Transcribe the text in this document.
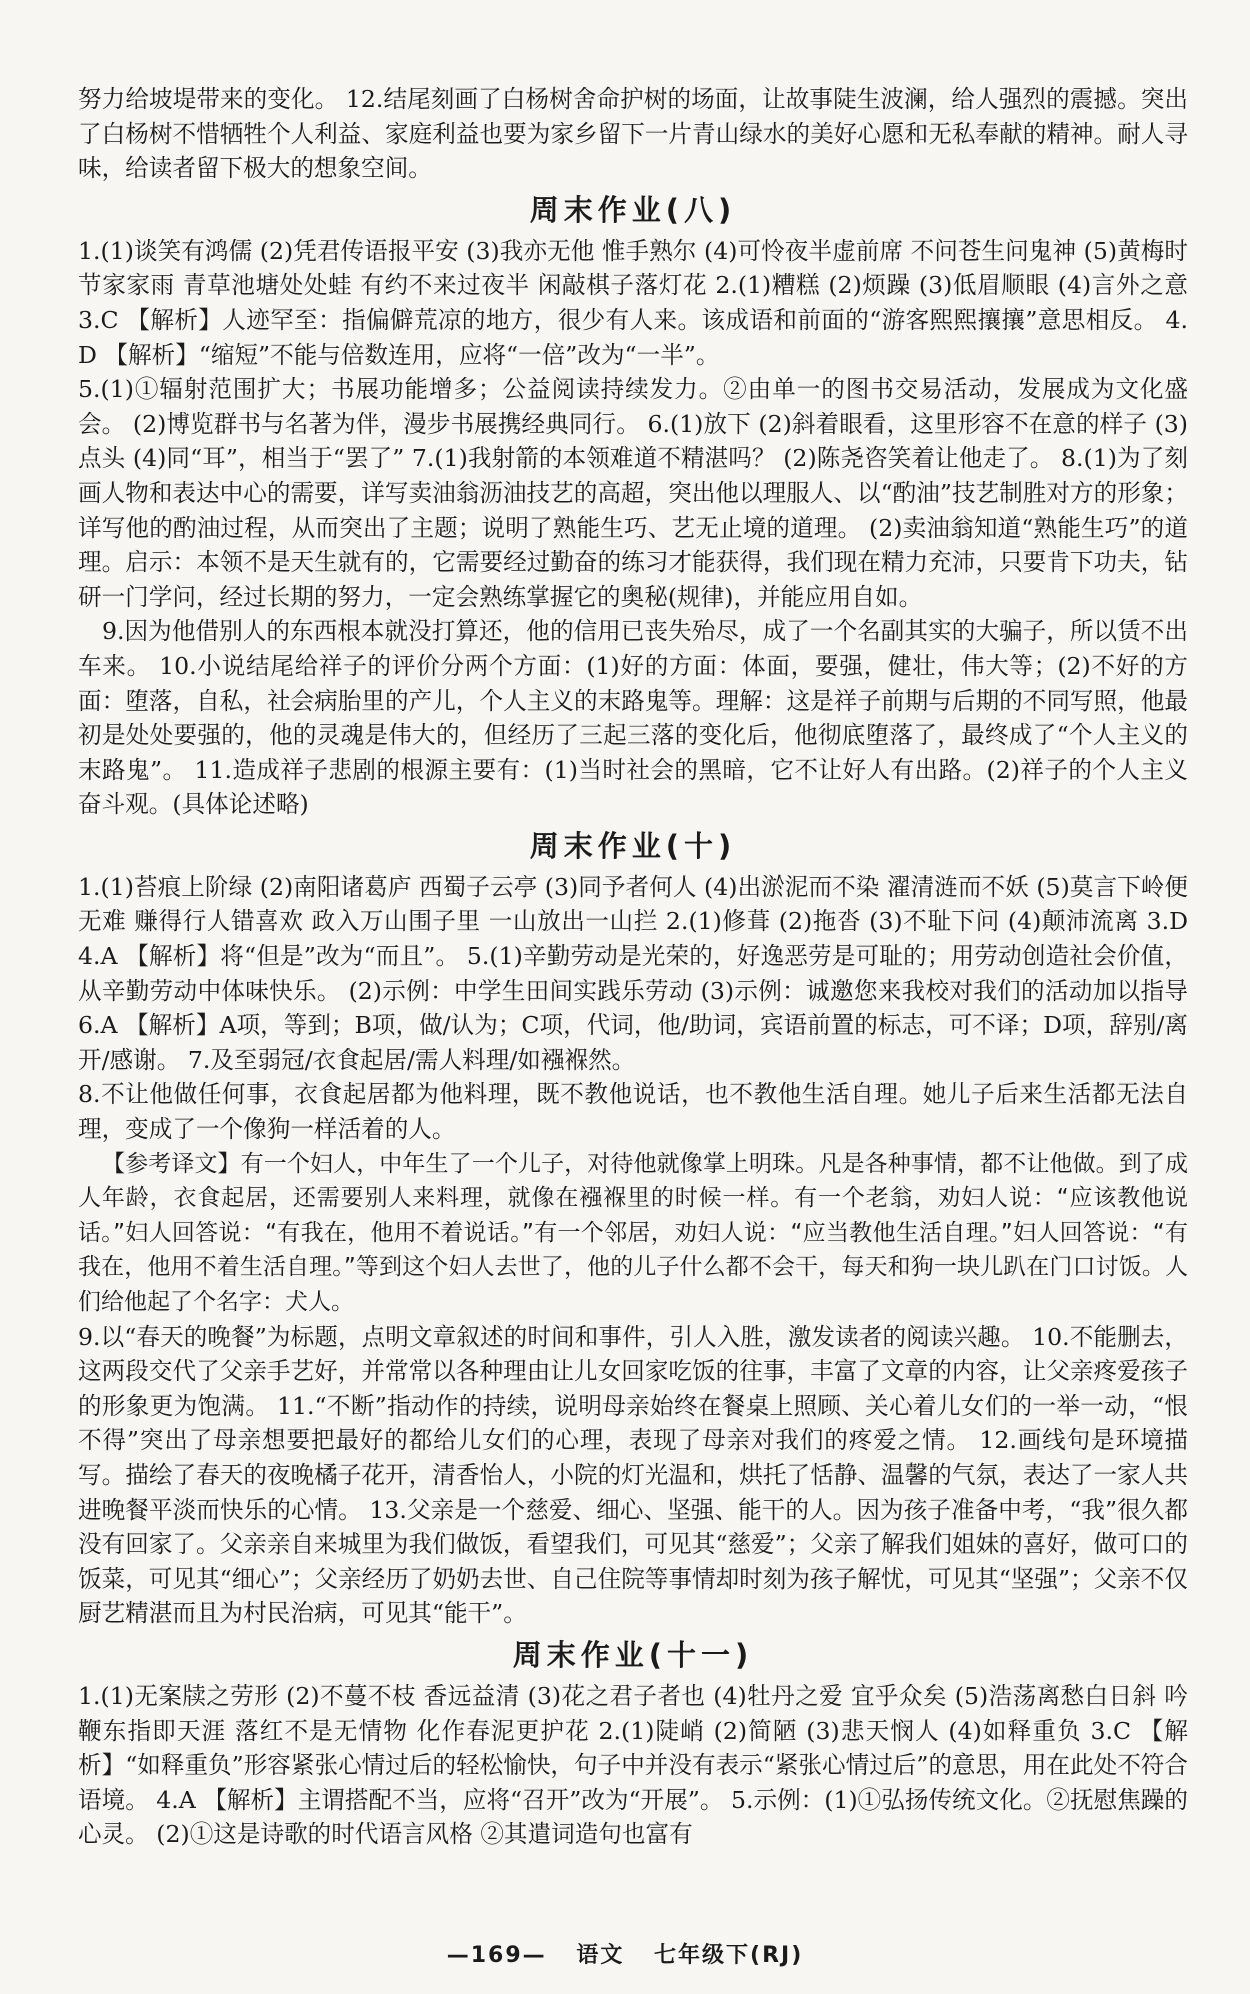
努力给坡堤带来的变化。 12.结尾刻画了白杨树舍命护树的场面，让故事陡生波澜，给人强烈的震撼。突出了白杨树不惜牺牲个人利益、家庭利益也要为家乡留下一片青山绿水的美好心愿和无私奉献的精神。耐人寻味，给读者留下极大的想象空间。

周末作业(八)

1.(1)谈笑有鸿儒 (2)凭君传语报平安 (3)我亦无他 惟手熟尔 (4)可怜夜半虚前席 不问苍生问鬼神 (5)黄梅时节家家雨 青草池塘处处蛙 有约不来过夜半 闲敲棋子落灯花 2.(1)糟糕 (2)烦躁 (3)低眉顺眼 (4)言外之意 3.C 【解析】人迹罕至：指偏僻荒凉的地方，很少有人来。该成语和前面的“游客熙熙攘攘”意思相反。 4.D 【解析】“缩短”不能与倍数连用，应将“一倍”改为“一半”。

5.(1)①辐射范围扩大；书展功能增多；公益阅读持续发力。②由单一的图书交易活动，发展成为文化盛会。 (2)博览群书与名著为伴，漫步书展携经典同行。 6.(1)放下 (2)斜着眼看，这里形容不在意的样子 (3)点头 (4)同“耳”，相当于“罢了” 7.(1)我射箭的本领难道不精湛吗？ (2)陈尧咨笑着让他走了。 8.(1)为了刻画人物和表达中心的需要，详写卖油翁沥油技艺的高超，突出他以理服人、以“酌油”技艺制胜对方的形象；详写他的酌油过程，从而突出了主题；说明了熟能生巧、艺无止境的道理。 (2)卖油翁知道“熟能生巧”的道理。启示：本领不是天生就有的，它需要经过勤奋的练习才能获得，我们现在精力充沛，只要肯下功夫，钻研一门学问，经过长期的努力，一定会熟练掌握它的奥秘(规律)，并能应用自如。

9.因为他借别人的东西根本就没打算还，他的信用已丧失殆尽，成了一个名副其实的大骗子，所以赁不出车来。 10.小说结尾给祥子的评价分两个方面：(1)好的方面：体面，要强，健壮，伟大等；(2)不好的方面：堕落，自私，社会病胎里的产儿，个人主义的末路鬼等。理解：这是祥子前期与后期的不同写照，他最初是处处要强的，他的灵魂是伟大的，但经历了三起三落的变化后，他彻底堕落了，最终成了“个人主义的末路鬼”。 11.造成祥子悲剧的根源主要有：(1)当时社会的黑暗，它不让好人有出路。(2)祥子的个人主义奋斗观。(具体论述略)

周末作业(十)

1.(1)苔痕上阶绿 (2)南阳诸葛庐 西蜀子云亭 (3)同予者何人 (4)出淤泥而不染 濯清涟而不妖 (5)莫言下岭便无难 赚得行人错喜欢 政入万山围子里 一山放出一山拦 2.(1)修葺 (2)拖沓 (3)不耻下问 (4)颠沛流离 3.D 4.A 【解析】将“但是”改为“而且”。 5.(1)辛勤劳动是光荣的，好逸恶劳是可耻的；用劳动创造社会价值，从辛勤劳动中体味快乐。 (2)示例：中学生田间实践乐劳动 (3)示例：诚邀您来我校对我们的活动加以指导 6.A 【解析】A项，等到；B项，做/认为；C项，代词，他/助词，宾语前置的标志，可不译；D项，辞别/离开/感谢。 7.及至弱冠/衣食起居/需人料理/如襁褓然。

8.不让他做任何事，衣食起居都为他料理，既不教他说话，也不教他生活自理。她儿子后来生活都无法自理，变成了一个像狗一样活着的人。

【参考译文】有一个妇人，中年生了一个儿子，对待他就像掌上明珠。凡是各种事情，都不让他做。到了成人年龄，衣食起居，还需要别人来料理，就像在襁褓里的时候一样。有一个老翁，劝妇人说：“应该教他说话。”妇人回答说：“有我在，他用不着说话。”有一个邻居，劝妇人说：“应当教他生活自理。”妇人回答说：“有我在，他用不着生活自理。”等到这个妇人去世了，他的儿子什么都不会干，每天和狗一块儿趴在门口讨饭。人们给他起了个名字：犬人。

9.以“春天的晚餐”为标题，点明文章叙述的时间和事件，引人入胜，激发读者的阅读兴趣。 10.不能删去，这两段交代了父亲手艺好，并常常以各种理由让儿女回家吃饭的往事，丰富了文章的内容，让父亲疼爱孩子的形象更为饱满。 11.“不断”指动作的持续，说明母亲始终在餐桌上照顾、关心着儿女们的一举一动，“恨不得”突出了母亲想要把最好的都给儿女们的心理，表现了母亲对我们的疼爱之情。 12.画线句是环境描写。描绘了春天的夜晚橘子花开，清香怡人，小院的灯光温和，烘托了恬静、温馨的气氛，表达了一家人共进晚餐平淡而快乐的心情。 13.父亲是一个慈爱、细心、坚强、能干的人。因为孩子准备中考，“我”很久都没有回家了。父亲亲自来城里为我们做饭，看望我们，可见其“慈爱”；父亲了解我们姐妹的喜好，做可口的饭菜，可见其“细心”；父亲经历了奶奶去世、自己住院等事情却时刻为孩子解忧，可见其“坚强”；父亲不仅厨艺精湛而且为村民治病，可见其“能干”。

周末作业(十一)

1.(1)无案牍之劳形 (2)不蔓不枝 香远益清 (3)花之君子者也 (4)牡丹之爱 宜乎众矣 (5)浩荡离愁白日斜 吟鞭东指即天涯 落红不是无情物 化作春泥更护花 2.(1)陡峭 (2)简陋 (3)悲天悯人 (4)如释重负 3.C 【解析】“如释重负”形容紧张心情过后的轻松愉快，句子中并没有表示“紧张心情过后”的意思，用在此处不符合语境。 4.A 【解析】主谓搭配不当，应将“召开”改为“开展”。 5.示例：(1)①弘扬传统文化。②抚慰焦躁的心灵。 (2)①这是诗歌的时代语言风格 ②其遣词造句也富有

—169— 语文 七年级下(RJ)
